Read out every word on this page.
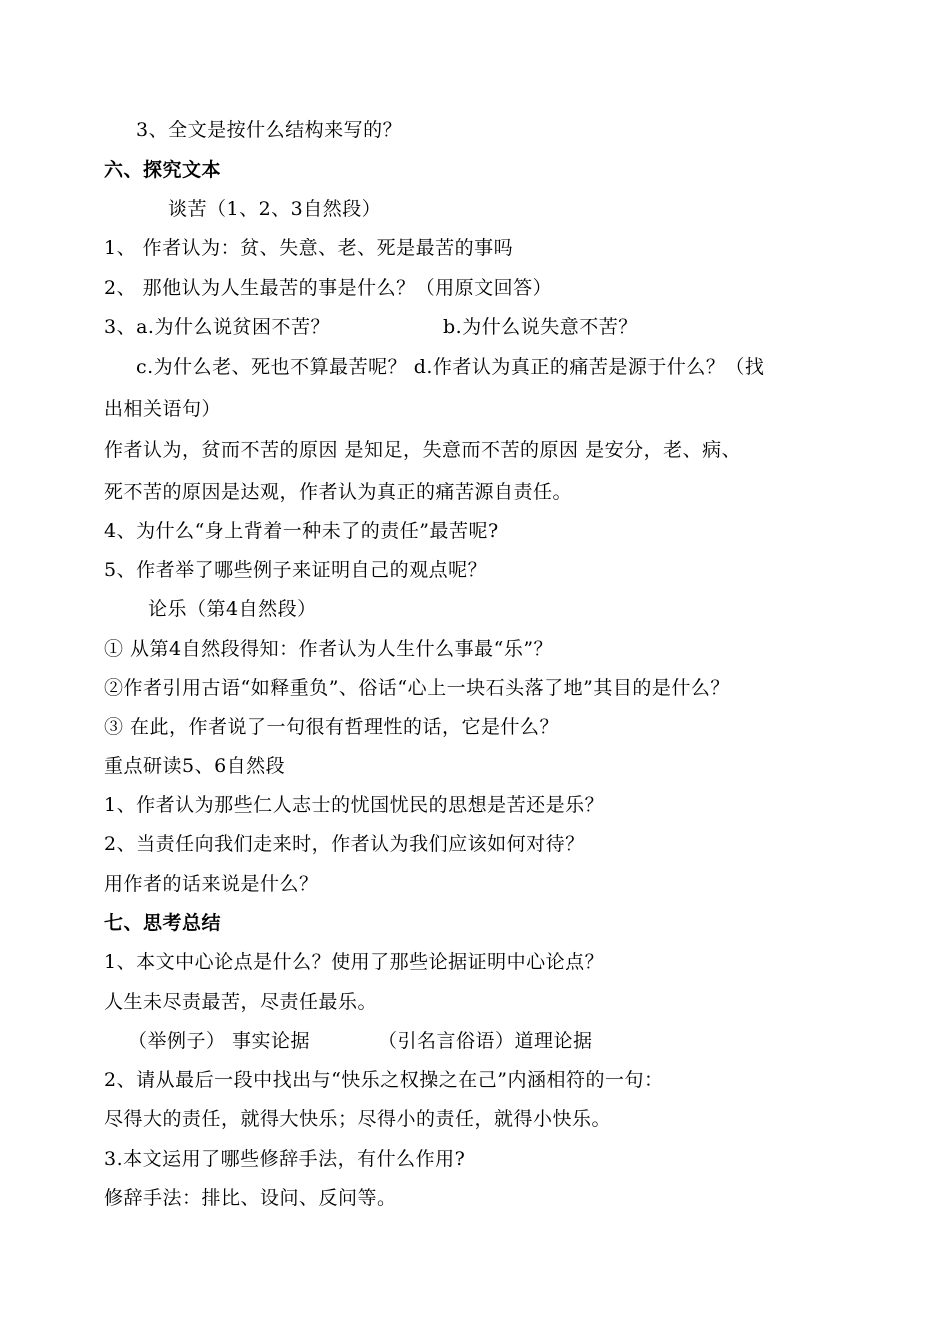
3、全文是按什么结构来写的？
六、探究文本
谈苦（1、2、3自然段）
1、 作者认为：贫、失意、老、死是最苦的事吗
2、 那他认为人生最苦的事是什么？（用原文回答）
3、a.为什么说贫困不苦？	b.为什么说失意不苦？
c.为什么老、死也不算最苦呢？ d.作者认为真正的痛苦是源于什么？（找
出相关语句）
作者认为，贫而不苦的原因 是知足，失意而不苦的原因 是安分，老、病、
死不苦的原因是达观，作者认为真正的痛苦源自责任。
4、为什么“身上背着一种未了的责任”最苦呢?
5、作者举了哪些例子来证明自己的观点呢？
论乐（第4自然段）
① 从第4自然段得知：作者认为人生什么事最“乐”？
②作者引用古语“如释重负”、俗话“心上一块石头落了地”其目的是什么？
③ 在此，作者说了一句很有哲理性的话，它是什么？
重点研读5、6自然段
1、作者认为那些仁人志士的忧国忧民的思想是苦还是乐？
2、当责任向我们走来时，作者认为我们应该如何对待？
用作者的话来说是什么？
七、思考总结
1、本文中心论点是什么？使用了那些论据证明中心论点？
人生未尽责最苦，尽责任最乐。
（举例子） 事实论据	（引名言俗语）道理论据
2、请从最后一段中找出与“快乐之权操之在己”内涵相符的一句：
尽得大的责任，就得大快乐；尽得小的责任，就得小快乐。
3.本文运用了哪些修辞手法，有什么作用?
修辞手法：排比、设问、反问等。
